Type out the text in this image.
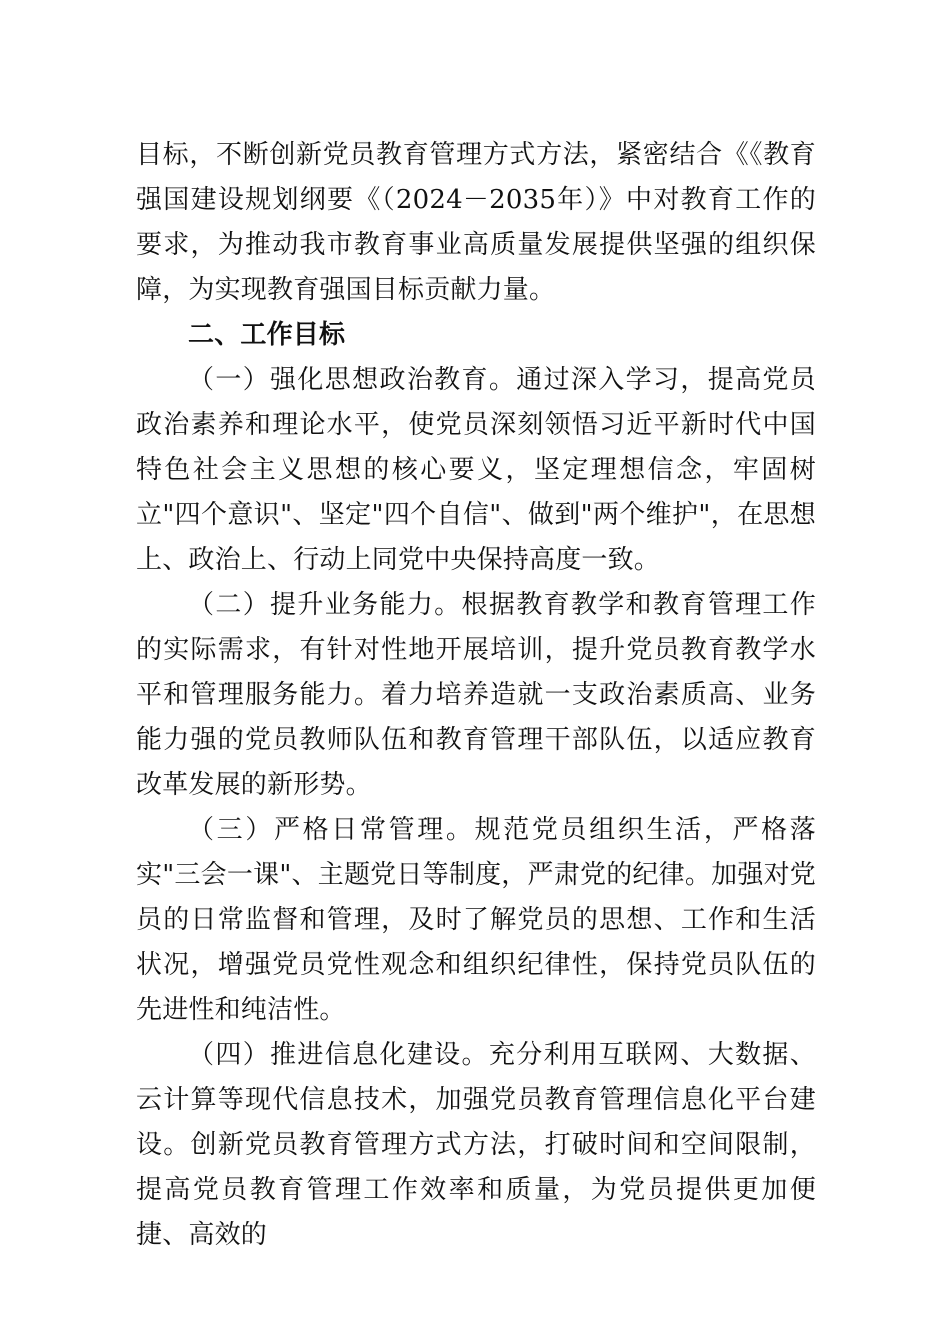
目标，不断创新党员教育管理方式方法，紧密结合《《教育强国建设规划纲要《（2024－2035年）》中对教育工作的要求，为推动我市教育事业高质量发展提供坚强的组织保障，为实现教育强国目标贡献力量。

二、工作目标

（一）强化思想政治教育。通过深入学习，提高党员政治素养和理论水平，使党员深刻领悟习近平新时代中国特色社会主义思想的核心要义，坚定理想信念，牢固树立"四个意识"、坚定"四个自信"、做到"两个维护"，在思想上、政治上、行动上同党中央保持高度一致。

（二）提升业务能力。根据教育教学和教育管理工作的实际需求，有针对性地开展培训，提升党员教育教学水平和管理服务能力。着力培养造就一支政治素质高、业务能力强的党员教师队伍和教育管理干部队伍，以适应教育改革发展的新形势。

（三）严格日常管理。规范党员组织生活，严格落实"三会一课"、主题党日等制度，严肃党的纪律。加强对党员的日常监督和管理，及时了解党员的思想、工作和生活状况，增强党员党性观念和组织纪律性，保持党员队伍的先进性和纯洁性。

（四）推进信息化建设。充分利用互联网、大数据、云计算等现代信息技术，加强党员教育管理信息化平台建设。创新党员教育管理方式方法，打破时间和空间限制，提高党员教育管理工作效率和质量，为党员提供更加便捷、高效的
